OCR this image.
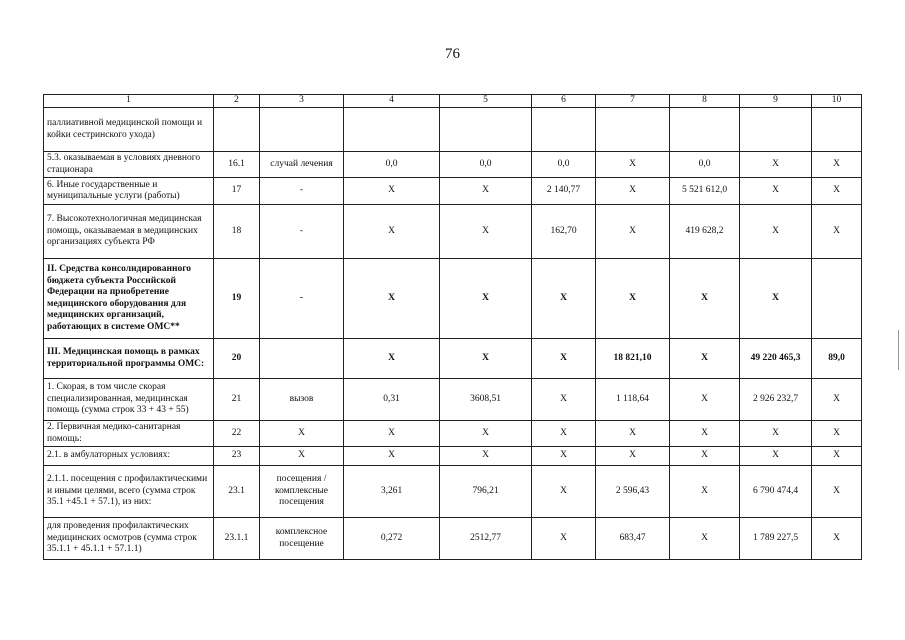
76
1	2	3	4	5	6	7	8	9	10
паллиативной медицинской помощи и койки сестринского ухода)									
5.3. оказываемая в условиях дневного стационара	16.1	случай лечения	0,0	0,0	0,0	X	0,0	X	X
6. Иные государственные и муниципальные услуги (работы)	17	-	X	X	2 140,77	X	5 521 612,0	X	X
7. Высокотехнологичная медицинская помощь, оказываемая в медицинских организациях субъекта РФ	18	-	X	X	162,70	X	419 628,2	X	X
II. Средства консолидированного бюджета субъекта Российской Федерации на приобретение медицинского оборудования для медицинских организаций, работающих в системе ОМС**	19	-	X	X	X	X	X	X	
III. Медицинская помощь в рамках территориальной программы ОМС:	20		X	X	X	18 821,10	X	49 220 465,3	89,0
1. Скорая, в том числе скорая специализированная, медицинская помощь (сумма строк 33 + 43 + 55)	21	вызов	0,31	3608,51	X	1 118,64	X	2 926 232,7	X
2. Первичная медико-санитарная помощь:	22	X	X	X	X	X	X	X	X
2.1. в амбулаторных условиях:	23	X	X	X	X	X	X	X	X
2.1.1. посещения с профилактическими и иными целями, всего (сумма строк 35.1 +45.1 + 57.1), из них:	23.1	посещения / комплексные посещения	3,261	796,21	X	2 596,43	X	6 790 474,4	X
для проведения профилактических медицинских осмотров (сумма строк 35.1.1 + 45.1.1 + 57.1.1)	23.1.1	комплексное посещение	0,272	2512,77	X	683,47	X	1 789 227,5	X
